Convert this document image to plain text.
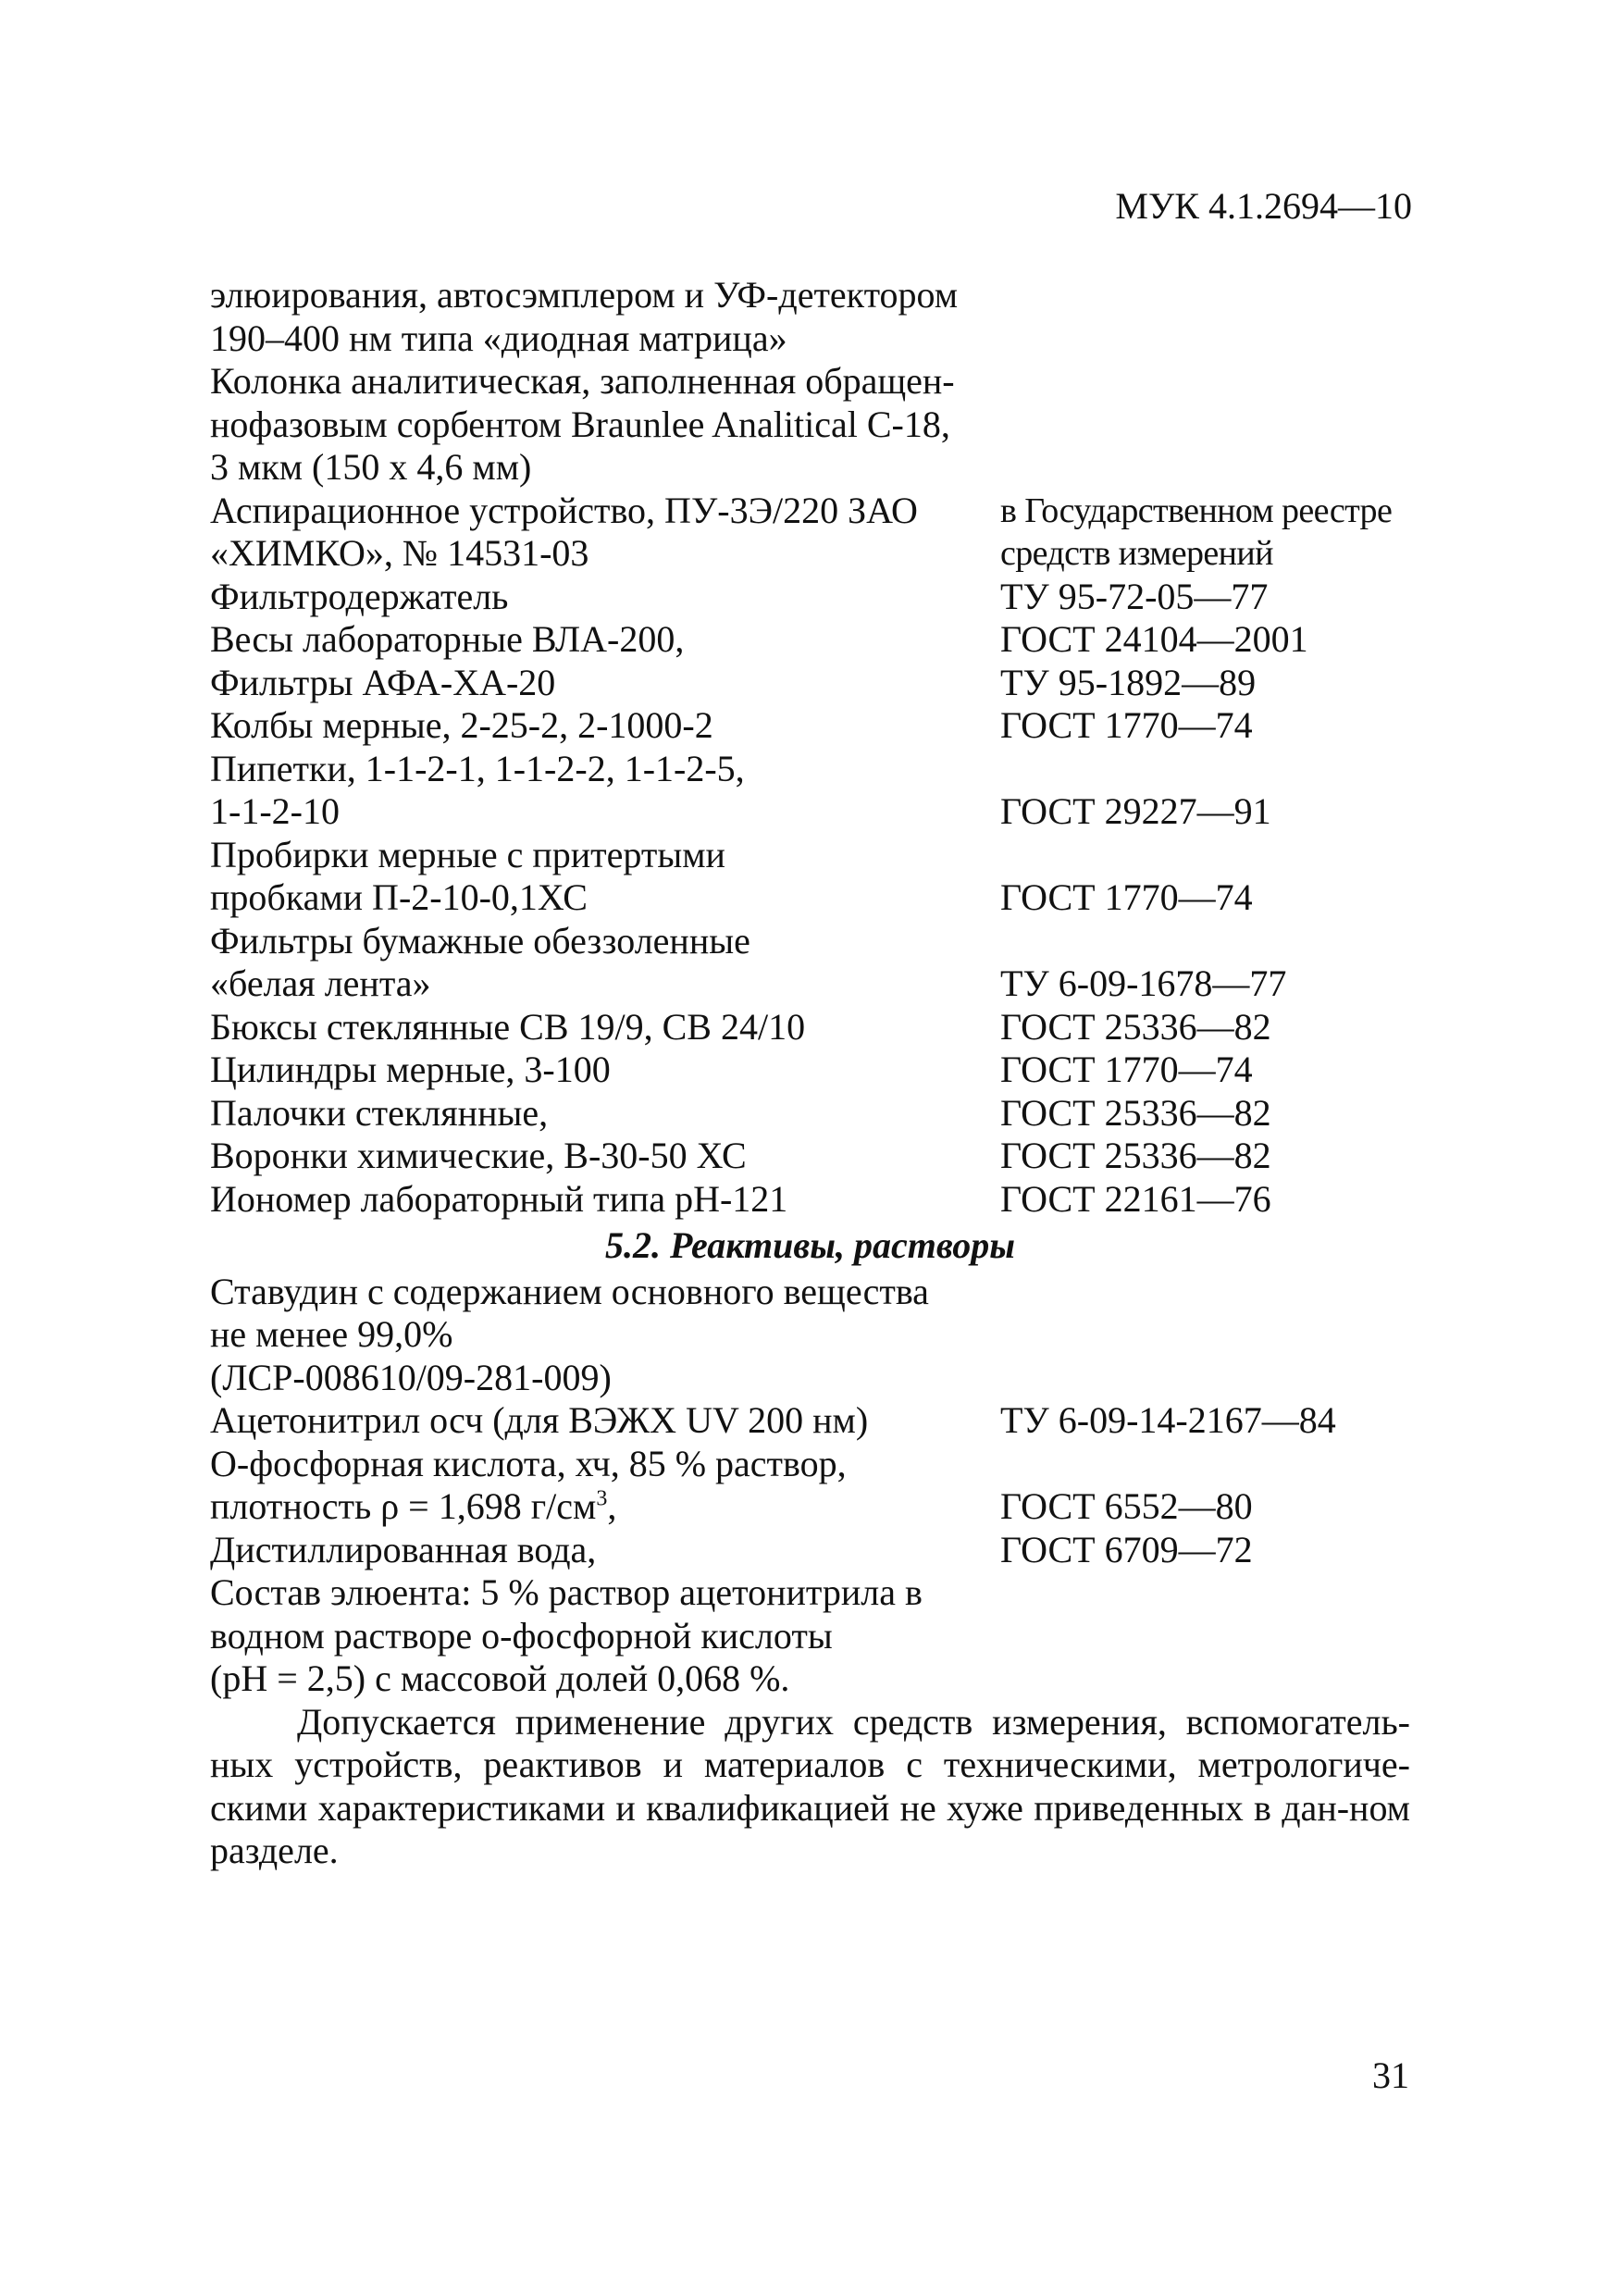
МУК 4.1.2694—10
элюирования, автосэмплером и УФ-детектором
190–400 нм типа «диодная матрица»
Колонка аналитическая, заполненная обращен-
нофазовым сорбентом Braunlee Analitical C-18,
3 мкм (150 х 4,6 мм)
Аспирационное устройство, ПУ-3Э/220 ЗАО	в Государственном реестре
«ХИМКО», № 14531-03	средств измерений
Фильтродержатель	ТУ 95-72-05—77
Весы лабораторные ВЛА-200,	ГОСТ 24104—2001
Фильтры АФА-ХА-20	ТУ 95-1892—89
Колбы мерные, 2-25-2, 2-1000-2	ГОСТ 1770—74
Пипетки, 1-1-2-1, 1-1-2-2, 1-1-2-5,
1-1-2-10	ГОСТ 29227—91
Пробирки мерные с притертыми
пробками П-2-10-0,1ХС	ГОСТ 1770—74
Фильтры бумажные обеззоленные
«белая лента»	ТУ 6-09-1678—77
Бюксы стеклянные СВ 19/9, СВ 24/10	ГОСТ 25336—82
Цилиндры мерные, 3-100	ГОСТ 1770—74
Палочки стеклянные,	ГОСТ 25336—82
Воронки химические, В-30-50 ХС	ГОСТ 25336—82
Иономер лабораторный типа рН-121	ГОСТ 22161—76
5.2. Реактивы, растворы
Ставудин с содержанием основного вещества
не менее 99,0%
(ЛСР-008610/09-281-009)
Ацетонитрил осч (для ВЭЖХ UV 200 нм)	ТУ 6-09-14-2167—84
О-фосфорная кислота, хч, 85 % раствор,
плотность ρ = 1,698 $г/см^3$,	ГОСТ 6552—80
Дистиллированная вода,	ГОСТ 6709—72
Состав элюента: 5 % раствор ацетонитрила в
водном растворе о-фосфорной кислоты
(рН = 2,5) с массовой долей 0,068 %.
Допускается применение других средств измерения, вспомогатель-ных устройств, реактивов и материалов с техническими, метрологиче-скими характеристиками и квалификацией не хуже приведенных в дан-ном разделе.
31
